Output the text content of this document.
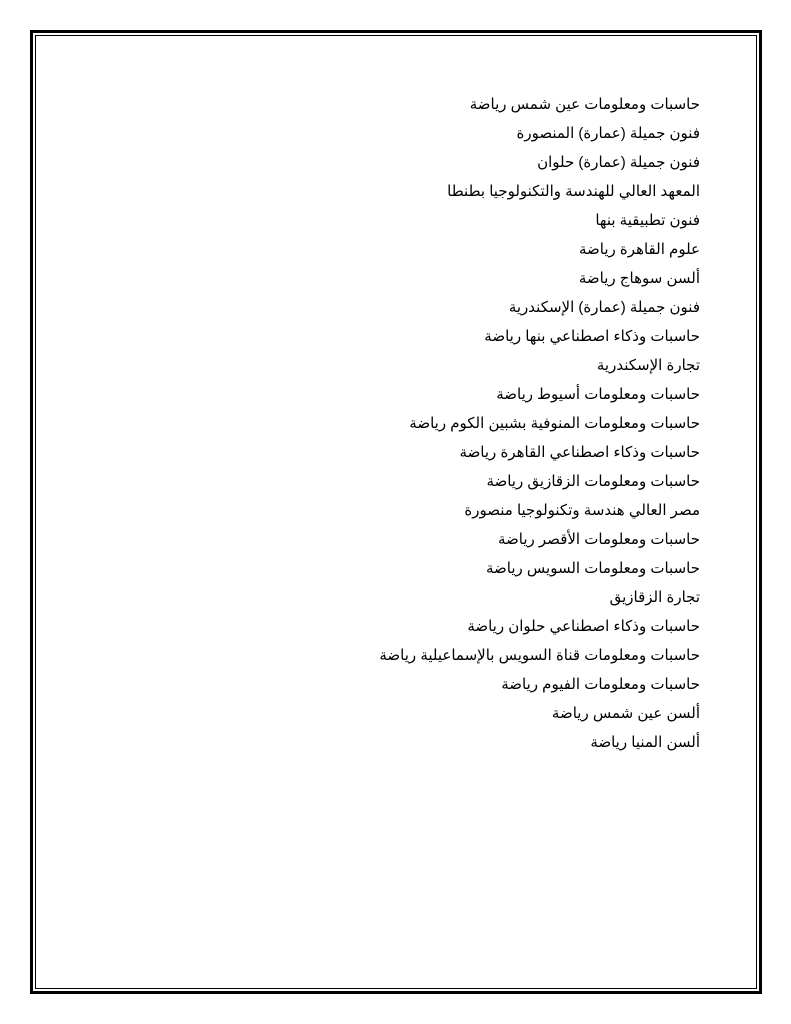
حاسبات ومعلومات عين شمس رياضة
فنون جميلة (عمارة) المنصورة
فنون جميلة (عمارة) حلوان
المعهد العالي للهندسة والتكنولوجيا بطنطا
فنون تطبيقية بنها
علوم القاهرة رياضة
ألسن سوهاج رياضة
فنون جميلة (عمارة) الإسكندرية
حاسبات وذكاء اصطناعي بنها رياضة
تجارة الإسكندرية
حاسبات ومعلومات أسيوط رياضة
حاسبات ومعلومات المنوفية بشبين الكوم رياضة
حاسبات وذكاء اصطناعي القاهرة رياضة
حاسبات ومعلومات الزقازيق رياضة
مصر العالي هندسة وتكنولوجيا منصورة
حاسبات ومعلومات الأقصر رياضة
حاسبات ومعلومات السويس رياضة
تجارة الزقازيق
حاسبات وذكاء اصطناعي حلوان رياضة
حاسبات ومعلومات قناة السويس بالإسماعيلية رياضة
حاسبات ومعلومات الفيوم رياضة
ألسن عين شمس رياضة
ألسن المنيا رياضة
